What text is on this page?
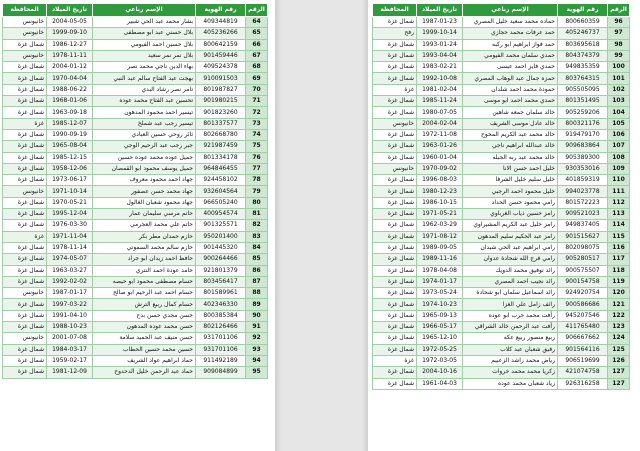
الرقم	رقم الهوية	الإسم رباعي	تاريخ الميلاد	المحافظة
64	409344819	بشار محمد عبد الحي شبير	2004-05-05	خانيونس
65	405236266	بلال حسني عبد ابو مصطفى	1999-09-10	خانيونس
66	800642159	بلال حسين احمد الفيومي	1986-12-27	شمال غزة
67	901459446	بلال نمر نمر سعيد	1978-11-11	خانيونس
68	409524378	بهاء الدين ناجي محمد نصر	2004-01-12	شمال غزة
69	910091503	بهجت عبد الفتاح سالم عبد النبي	1970-04-04	شمال غزة
70	801987827	تامر نصر رشاد البدي	1988-06-22	شمال غزة
71	901980215	تحسين عبد الفتاح محمد عوده	1968-01-06	شمال غزة
72	901823260	تيسير احمد محمود المدهون	1963-09-18	شمال غزة
73	801337577	تيسير رجب عبد شملخ	1985-12-07	غزة
74	802668780	ثائر روحي حسين العبادي	1990-09-19	شمال غزة
75	921987459	جبر رجب عبد الرحيم الوجي	1965-08-04	شمال غزة
76	801334178	جميل عوده محمد عوده حسين	1985-12-15	شمال غزة
77	964846455	جميل يوسف محمود ابو القمصان	1958-12-06	شمال غزة
78	924458102	جهاد احمد محمود معروف	1973-06-17	شمال غزة
79	932604564	جهاد محمد حسن عصفور	1971-10-14	خانيونس
80	966505240	جهاد محمود شعبان الغالول	1970-05-21	شمال غزة
81	400954574	حاتم مرسي سليمان عمار	1995-12-04	شمال غزة
82	901325571	حاتم علي محمد العجرمي	1976-03-30	شمال غزة
83	950201400	حازم حمدان مطر بكر	1971-11-04	غزة
84	901445320	حازم سالم محمد السموني	1978-11-14	شمال غزة
85	900264466	حافظ احمد زيدان ابو جراد	1974-05-07	شمال غزة
86	921801379	حامد عودة احمد النتري	1963-03-27	شمال غزة
87	803456417	حسام مصطفى محمود ابو حيصه	1992-02-02	شمال غزة
88	801589961	حسام احمد عبد الرحيم ابو صالح	1987-01-17	خانيونس
89	402346330	حسام كمال ربيع الترش	1997-03-22	شمال غزة
90	800385384	حسن مجدي حسن بدح	1991-04-10	شمال غزة
91	802126466	حسن محمد عوده المدهون	1988-10-23	شمال غزة
92	931701106	حسن منيف عبد الحميد سلامة	2001-07-08	خانيونس
93	931701106	حسين محمد حسين الحطاب	1984-03-17	شمال غزة
94	911492189	حماد ابراهيم عواد الشريف	1959-02-17	شمال غزة
95	909084899	حماد عبد الرحمن خليل الدحدوح	1981-12-09	شمال غزة
الرقم	رقم الهوية	الإسم رباعي	تاريخ الميلاد	المحافظة
96	800660359	حماده محمد سعيد خليل المصري	1987-01-23	شمال غزة
97	405246737	حمد عرفات محمد حجازي	1999-10-14	رفح
98	803695618	حمد فواز ابراهيم ابو ركبه	1993-01-24	شمال غزة
99	804374379	حمدي سلمان محمد الفيومي	1993-04-04	شمال غزة
100	949835359	حمدي فايز احمد عيسى	1983-02-21	شمال غزة
101	803764315	حمزه جمال عبد الوهاب المصري	1992-10-08	شمال غزة
102	905505095	حمودة محمد احمد شلدان	1981-02-04	غزة
103	801351495	حمدي محمد احمد ابو موسى	1985-11-24	شمال غزة
104	905259206	خالد سلمان جمعه شاهين	1980-07-05	شمال غزة
105	800321176	خالد عادل موسى الشريف	2004-02-04	خانيونس
106	919479170	خالد محمد عبد الكريم المحوح	1972-11-08	شمال غزة
107	909683864	خالد عبدالله ابراهيم ناجي	1963-01-26	شمال غزة
108	905389300	خالد محمد عبد ربه الجبله	1960-01-04	شمال غزة
109	930353016	خليل احمد حسن الانا	1970-09-02	خانيونس
110	401859319	خليل سليم خليل الشرفا	1996-08-03	شمال غزة
111	994023778	خليل محمود احمد الرجبي	1980-12-23	شمال غزة
112	801572223	رامي محمود حسن الحداد	1986-10-15	شمال غزة
113	909521023	رامز حسين ذياب الغرباوي	1971-05-21	شمال غزة
114	949837405	رامز خليل عبد الكريم المشيراوي	1962-03-29	شمال غزة
115	901515627	رامز عبد الحكيم سليم المدهون	1971-08-12	شمال غزة
116	802098075	رامي ابراهيم عبد الحي شيدان	1989-09-05	شمال غزة
117	905280517	رامي فرج الله شحادة عدوان	1989-11-16	شمال غزة
118	900575507	رائد توفيق محمد الدويك	1978-04-08	شمال غزة
119	900154758	رائد نجيب احمد المصري	1974-01-17	شمال غزة
120	924920754	رائد اسماعيل سلمان ابو شحادة	1973-05-24	شمال غزة
121	900586686	رائف زامل علي الغزا	1974-10-23	شمال غزة
122	945207546	رأفت محمد حرب ابو عوده	1965-09-13	شمال غزة
123	411765480	رأفت عبد الرحمن خالد الشراقي	1966-05-17	شمال غزة
124	906667662	ربيع منصور ربيع عكه	1965-12-10	شمال غزة
125	901564116	رفيق شعبان عبد كلاب	1972-05-25	شمال غزة
126	906519699	رياض محمد راشد الزعبيم	1972-03-05	غزة
127	421074758	زكريا محمد محمد خروات	2004-10-16	شمال غزة
127	926316258	زياد شعبان محمد عوده	1961-04-03	شمال غزة
